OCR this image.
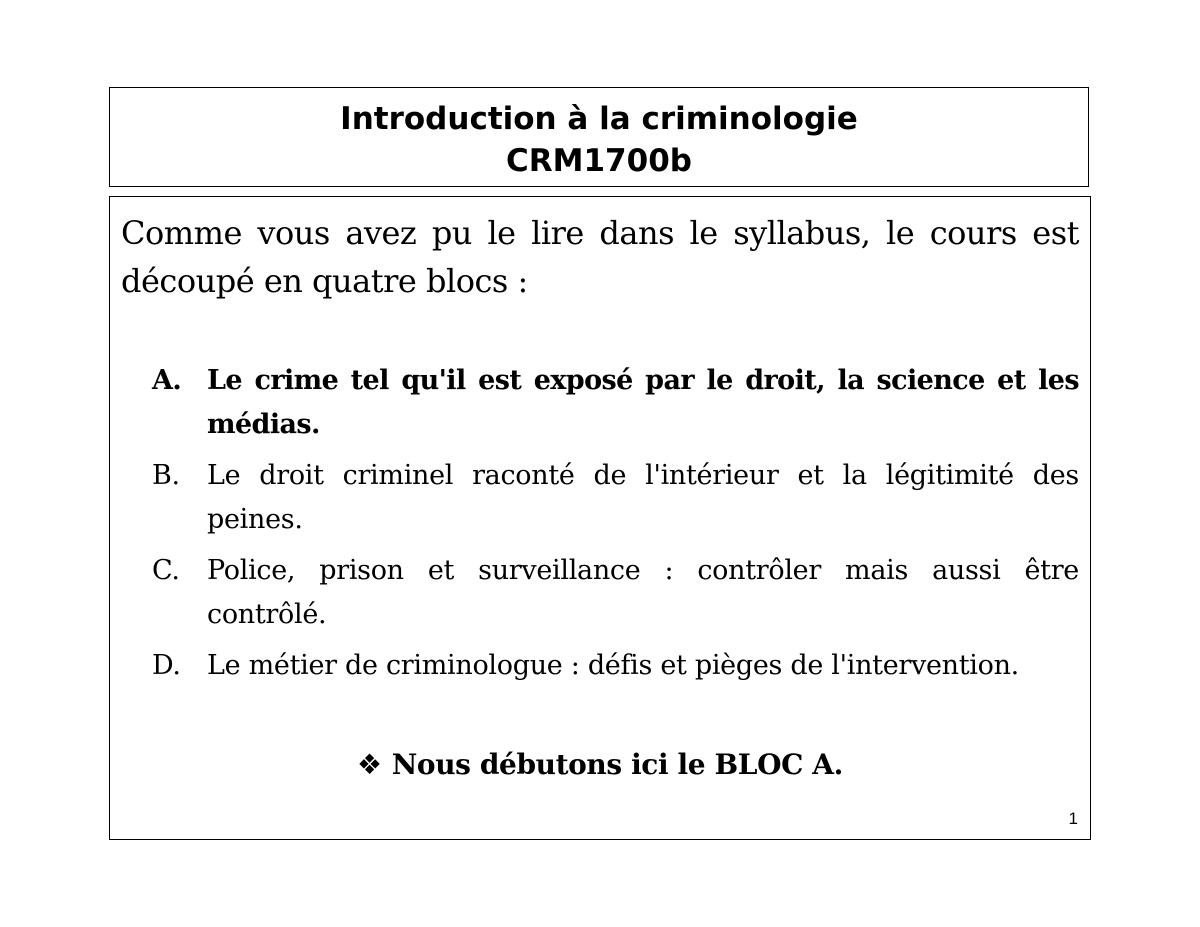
Introduction à la criminologie
CRM1700b

Comme vous avez pu le lire dans le syllabus, le cours est découpé en quatre blocs :

A. Le crime tel qu'il est exposé par le droit, la science et les médias.
B. Le droit criminel raconté de l'intérieur et la légitimité des peines.
C. Police, prison et surveillance : contrôler mais aussi être contrôlé.
D. Le métier de criminologue : défis et pièges de l'intervention.
❖ Nous débutons ici le BLOC A.
1
